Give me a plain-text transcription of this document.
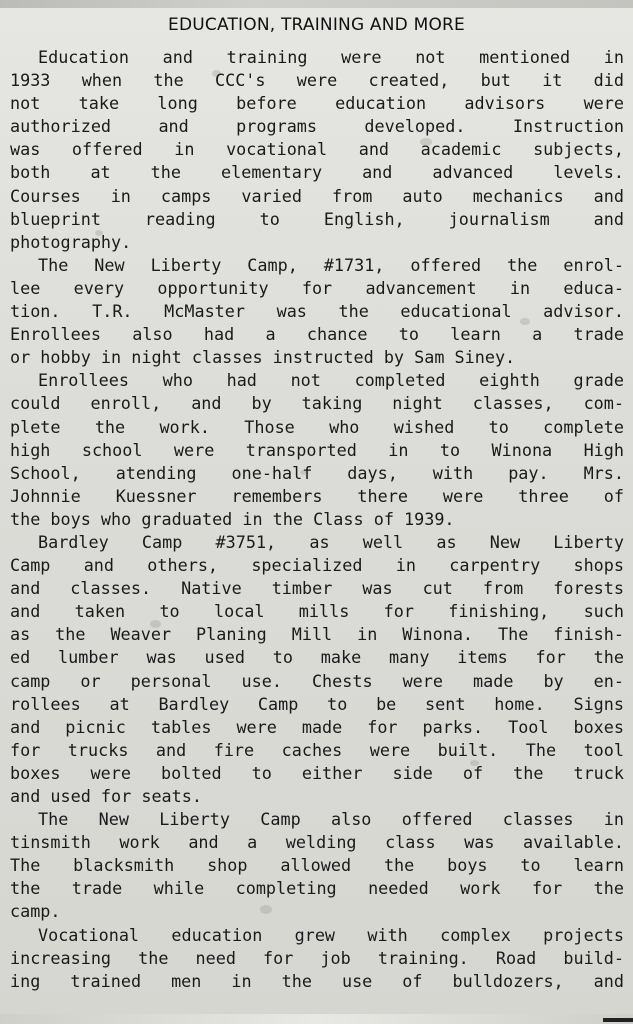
EDUCATION, TRAINING AND MORE
Education and training were not mentioned in
1933 when the CCC's were created, but it did
not take long before education advisors were
authorized and programs developed. Instruction
was offered in vocational and academic subjects,
both at the elementary and advanced levels.
Courses in camps varied from auto mechanics and
blueprint reading to English, journalism and
photography.
The New Liberty Camp, #1731, offered the enrol-
lee every opportunity for advancement in educa-
tion. T.R. McMaster was the educational advisor.
Enrollees also had a chance to learn a trade
or hobby in night classes instructed by Sam Siney.
Enrollees who had not completed eighth grade
could enroll, and by taking night classes, com-
plete the work. Those who wished to complete
high school were transported in to Winona High
School, atending one-half days, with pay. Mrs.
Johnnie Kuessner remembers there were three of
the boys who graduated in the Class of 1939.
Bardley Camp #3751, as well as New Liberty
Camp and others, specialized in carpentry shops
and classes. Native timber was cut from forests
and taken to local mills for finishing, such
as the Weaver Planing Mill in Winona. The finish-
ed lumber was used to make many items for the
camp or personal use. Chests were made by en-
rollees at Bardley Camp to be sent home. Signs
and picnic tables were made for parks. Tool boxes
for trucks and fire caches were built. The tool
boxes were bolted to either side of the truck
and used for seats.
The New Liberty Camp also offered classes in
tinsmith work and a welding class was available.
The blacksmith shop allowed the boys to learn
the trade while completing needed work for the
camp.
Vocational education grew with complex projects
increasing the need for job training. Road build-
ing trained men in the use of bulldozers, and
